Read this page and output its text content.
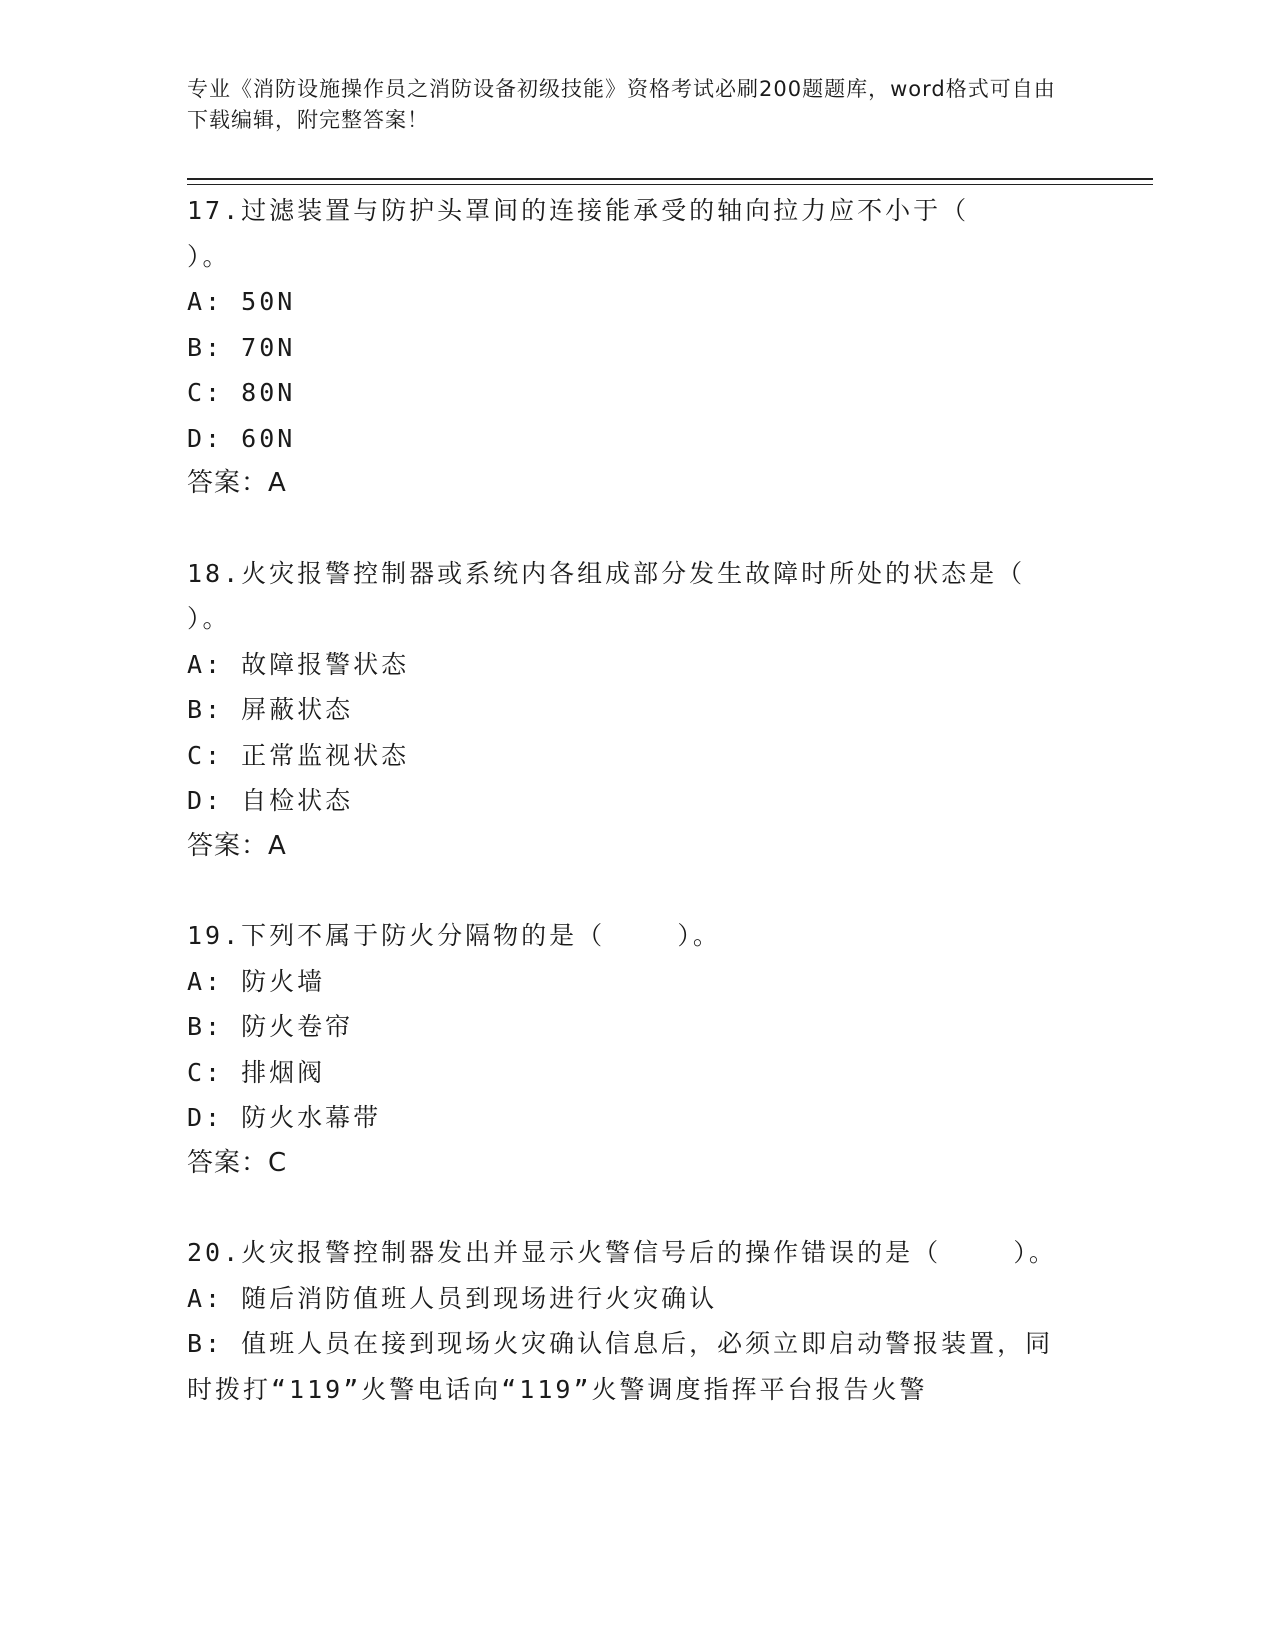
专业《消防设施操作员之消防设备初级技能》资格考试必刷200题题库，word格式可自由下载编辑，附完整答案！
17.过滤装置与防护头罩间的连接能承受的轴向拉力应不小于（    ）。
A: 50N
B: 70N
C: 80N
D: 60N
答案：A
18.火灾报警控制器或系统内各组成部分发生故障时所处的状态是（    ）。
A: 故障报警状态
B: 屏蔽状态
C: 正常监视状态
D: 自检状态
答案：A
19.下列不属于防火分隔物的是（    ）。
A: 防火墙
B: 防火卷帘
C: 排烟阀
D: 防火水幕带
答案：C
20.火灾报警控制器发出并显示火警信号后的操作错误的是（    ）。
A: 随后消防值班人员到现场进行火灾确认
B: 值班人员在接到现场火灾确认信息后，必须立即启动警报装置，同时拨打“119”火警电话向“119”火警调度指挥平台报告火警
